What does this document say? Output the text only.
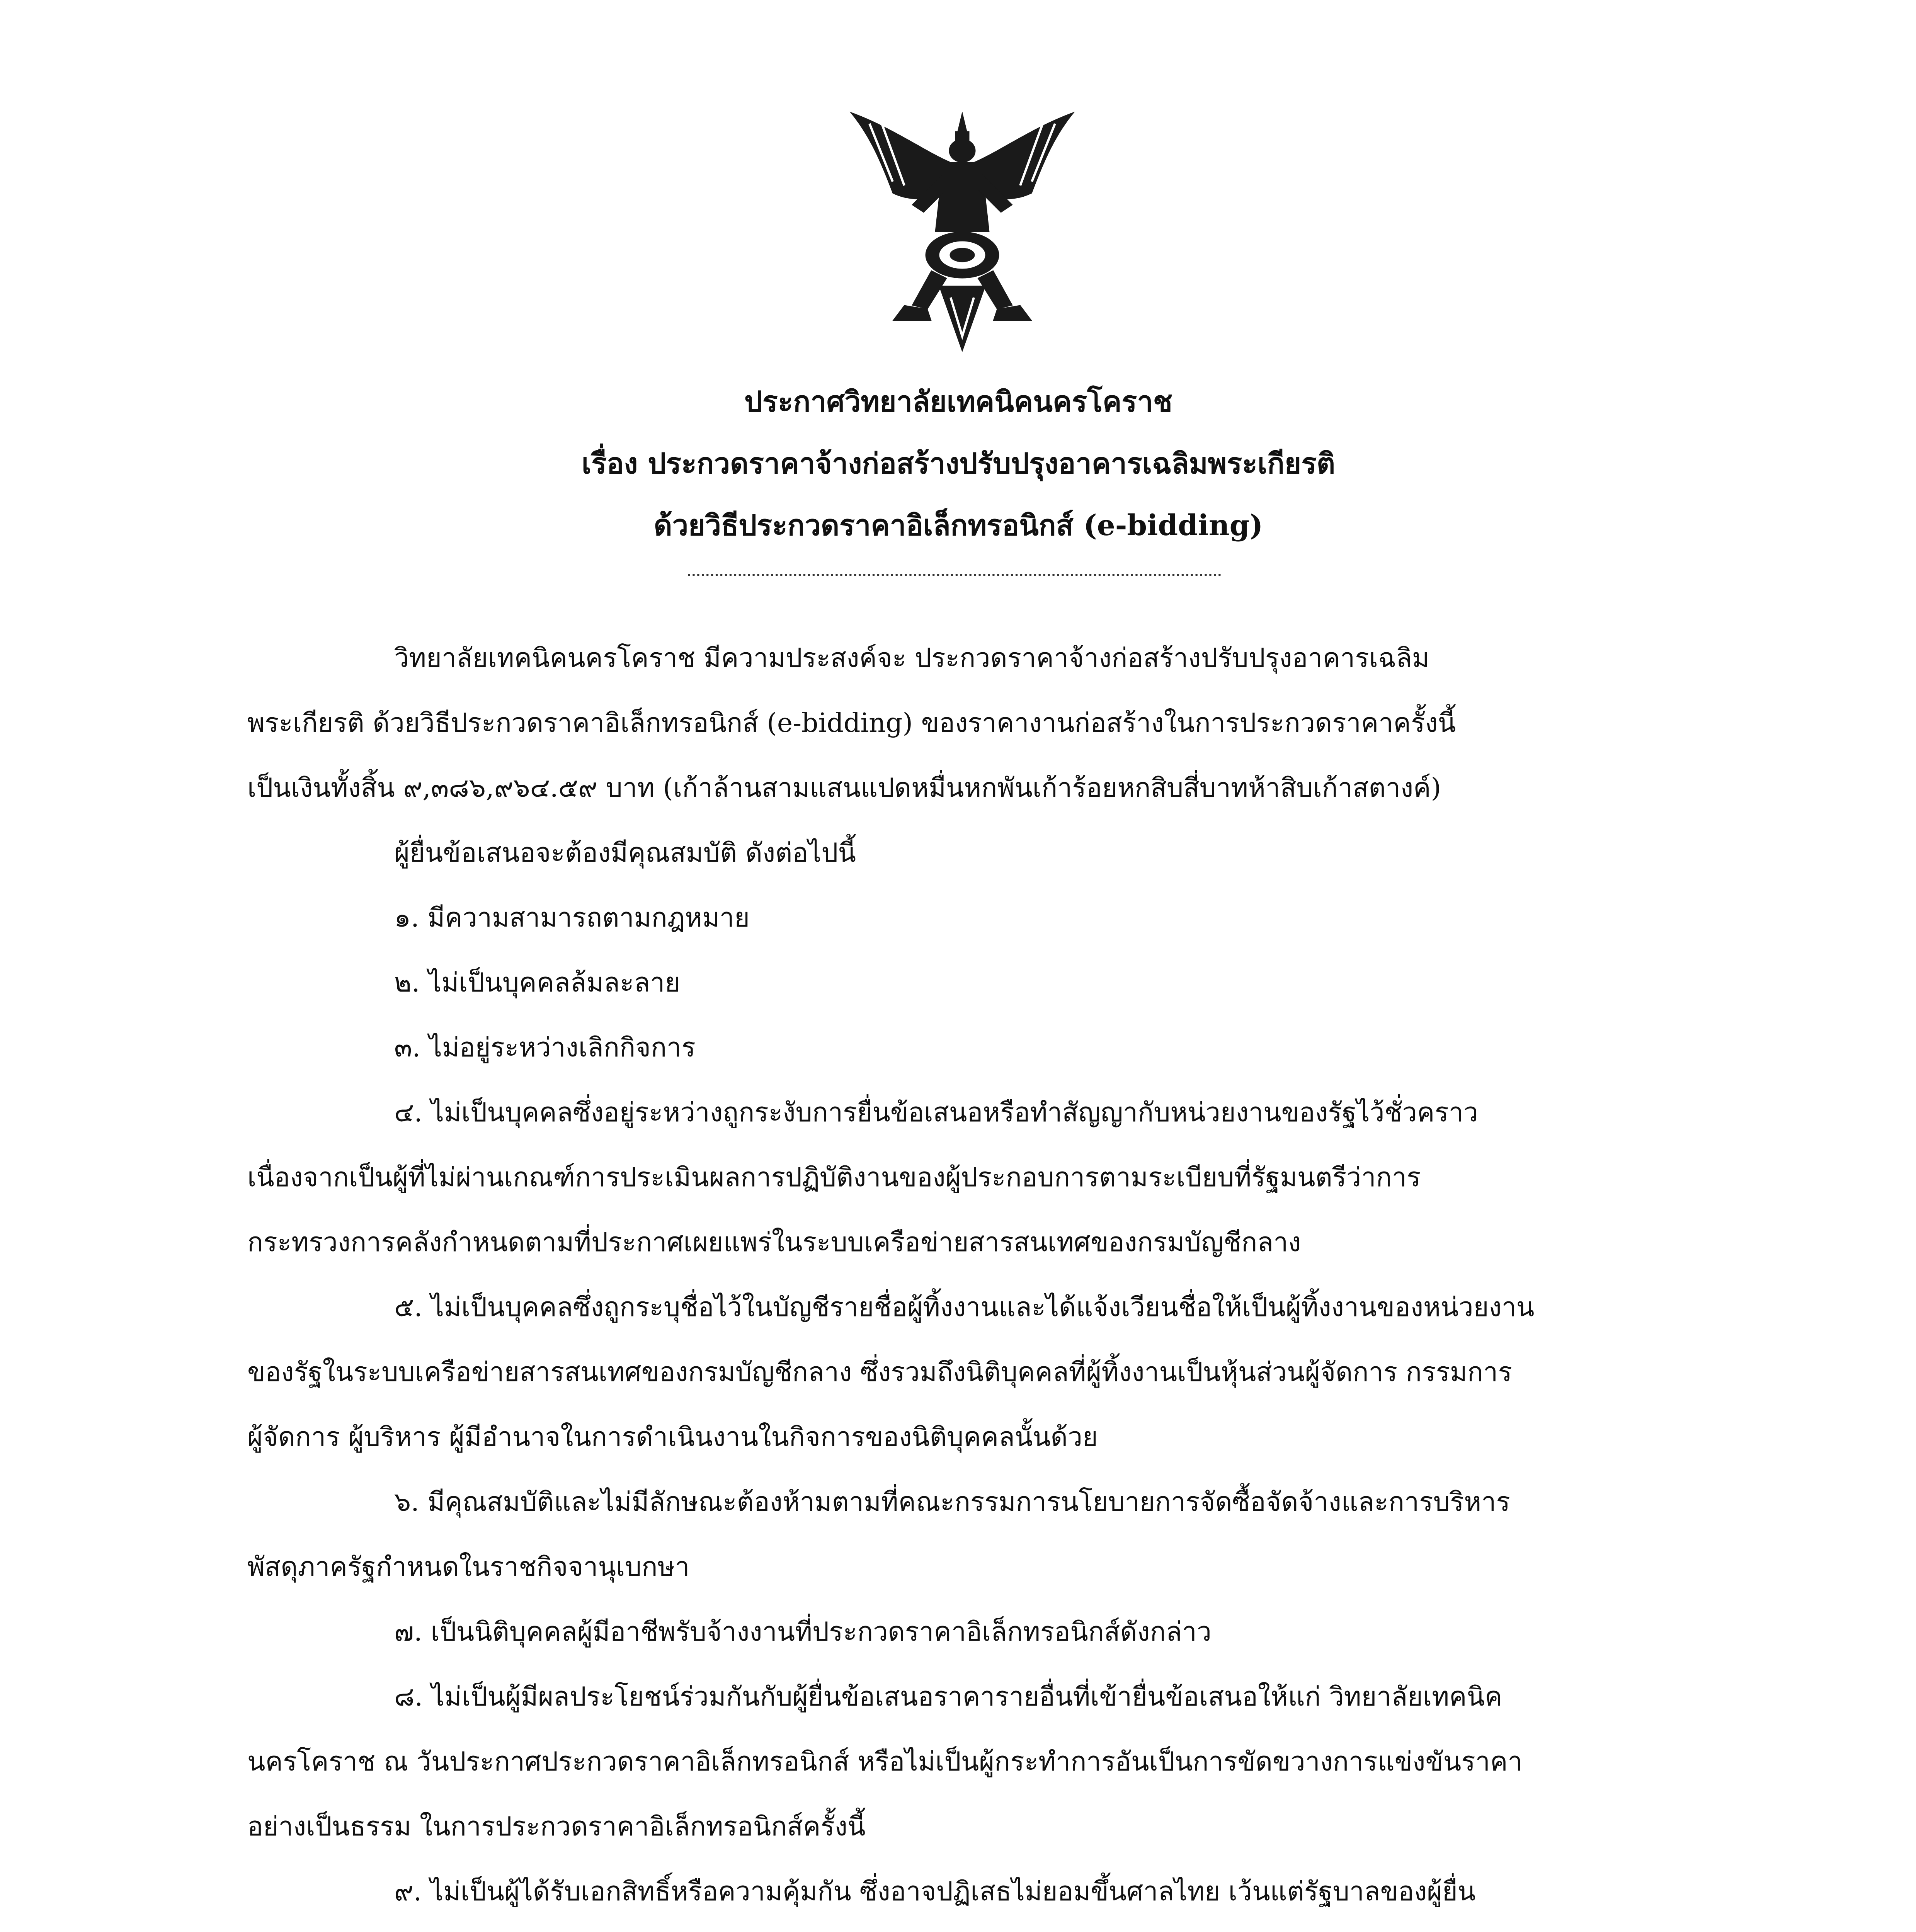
ประกาศวิทยาลัยเทคนิคนครโคราช
เรื่อง ประกวดราคาจ้างก่อสร้างปรับปรุงอาคารเฉลิมพระเกียรติ
ด้วยวิธีประกวดราคาอิเล็กทรอนิกส์ (e-bidding)
วิทยาลัยเทคนิคนครโคราช มีความประสงค์จะ ประกวดราคาจ้างก่อสร้างปรับปรุงอาคารเฉลิม
พระเกียรติ ด้วยวิธีประกวดราคาอิเล็กทรอนิกส์ (e-bidding) ของราคางานก่อสร้างในการประกวดราคาครั้งนี้
เป็นเงินทั้งสิ้น ๙,๓๘๖,๙๖๔.๕๙ บาท (เก้าล้านสามแสนแปดหมื่นหกพันเก้าร้อยหกสิบสี่บาทห้าสิบเก้าสตางค์)
ผู้ยื่นข้อเสนอจะต้องมีคุณสมบัติ ดังต่อไปนี้
๑. มีความสามารถตามกฎหมาย
๒. ไม่เป็นบุคคลล้มละลาย
๓. ไม่อยู่ระหว่างเลิกกิจการ
๔. ไม่เป็นบุคคลซึ่งอยู่ระหว่างถูกระงับการยื่นข้อเสนอหรือทำสัญญากับหน่วยงานของรัฐไว้ชั่วคราว
เนื่องจากเป็นผู้ที่ไม่ผ่านเกณฑ์การประเมินผลการปฏิบัติงานของผู้ประกอบการตามระเบียบที่รัฐมนตรีว่าการ
กระทรวงการคลังกำหนดตามที่ประกาศเผยแพร่ในระบบเครือข่ายสารสนเทศของกรมบัญชีกลาง
๕. ไม่เป็นบุคคลซึ่งถูกระบุชื่อไว้ในบัญชีรายชื่อผู้ทิ้งงานและได้แจ้งเวียนชื่อให้เป็นผู้ทิ้งงานของหน่วยงาน
ของรัฐในระบบเครือข่ายสารสนเทศของกรมบัญชีกลาง ซึ่งรวมถึงนิติบุคคลที่ผู้ทิ้งงานเป็นหุ้นส่วนผู้จัดการ กรรมการ
ผู้จัดการ ผู้บริหาร ผู้มีอำนาจในการดำเนินงานในกิจการของนิติบุคคลนั้นด้วย
๖. มีคุณสมบัติและไม่มีลักษณะต้องห้ามตามที่คณะกรรมการนโยบายการจัดซื้อจัดจ้างและการบริหาร
พัสดุภาครัฐกำหนดในราชกิจจานุเบกษา
๗. เป็นนิติบุคคลผู้มีอาชีพรับจ้างงานที่ประกวดราคาอิเล็กทรอนิกส์ดังกล่าว
๘. ไม่เป็นผู้มีผลประโยชน์ร่วมกันกับผู้ยื่นข้อเสนอราคารายอื่นที่เข้ายื่นข้อเสนอให้แก่ วิทยาลัยเทคนิค
นครโคราช ณ วันประกาศประกวดราคาอิเล็กทรอนิกส์ หรือไม่เป็นผู้กระทำการอันเป็นการขัดขวางการแข่งขันราคา
อย่างเป็นธรรม ในการประกวดราคาอิเล็กทรอนิกส์ครั้งนี้
๙. ไม่เป็นผู้ได้รับเอกสิทธิ์หรือความคุ้มกัน ซึ่งอาจปฏิเสธไม่ยอมขึ้นศาลไทย เว้นแต่รัฐบาลของผู้ยื่น
